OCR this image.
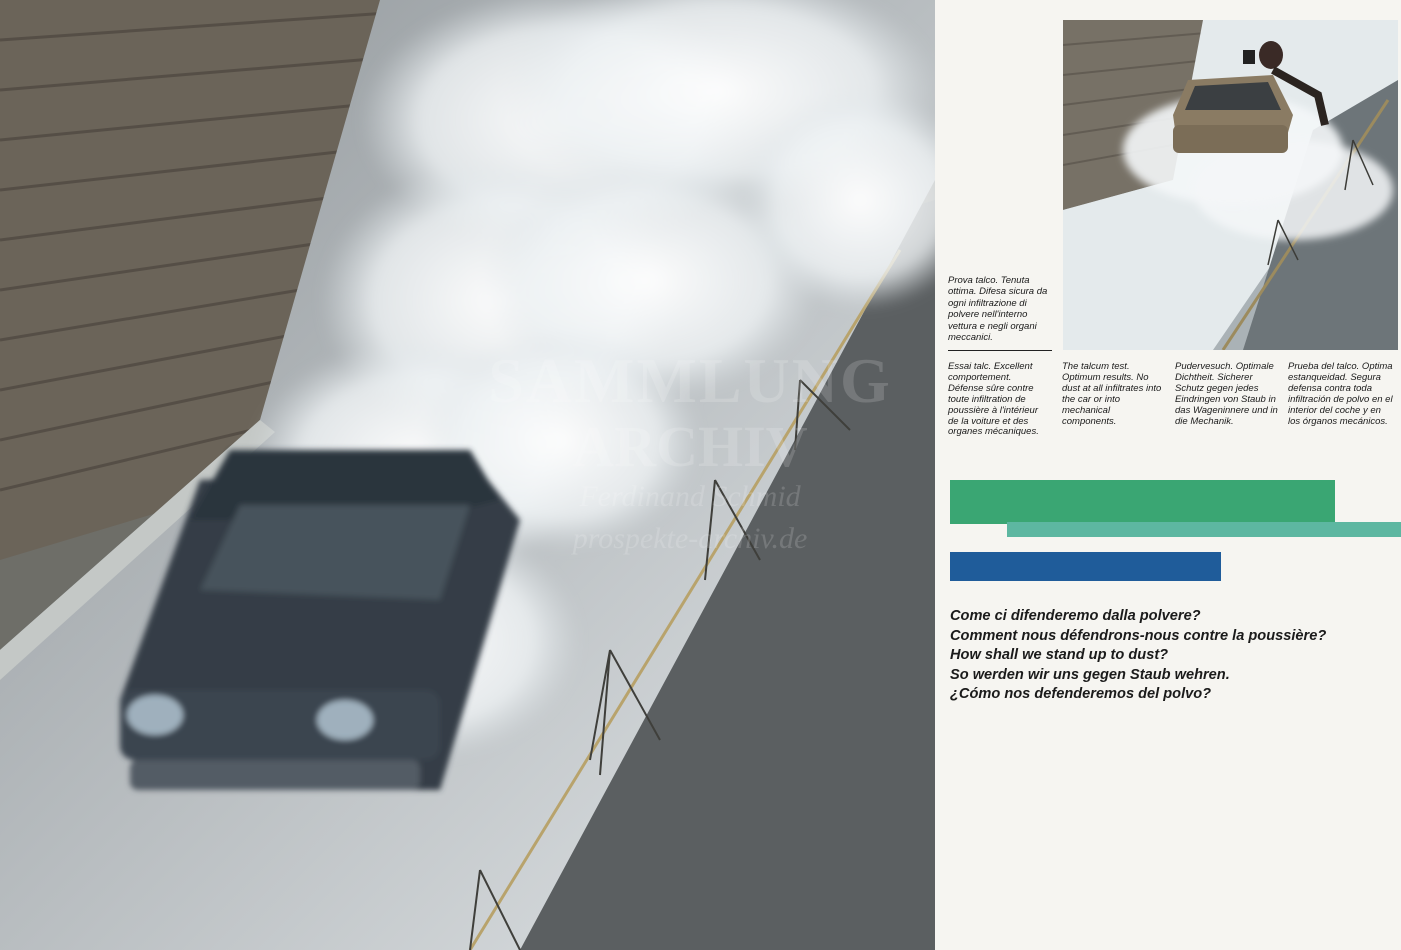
Prova talco. Tenuta ottima. Difesa sicura da ogni infiltrazione di polvere nell'interno vettura e negli organi meccanici.
Essai talc. Excellent comportement. Défense sûre contre toute infiltration de poussière à l'intérieur de la voiture et des organes mécaniques.
The talcum test. Optimum results. No dust at all infiltrates into the car or into mechanical components.
Pudervesuch. Optimale Dichtheit. Sicherer Schutz gegen jedes Eindringen von Staub in das Wageninnere und in die Mechanik.
Prueba del talco. Optima estanqueidad. Segura defensa contra toda infiltración de polvo en el interior del coche y en los órganos mecánicos.
Come ci difenderemo dalla polvere?
Comment nous défendrons-nous contre la poussière?
How shall we stand up to dust?
So werden wir uns gegen Staub wehren.
¿Cómo nos defenderemos del polvo?
